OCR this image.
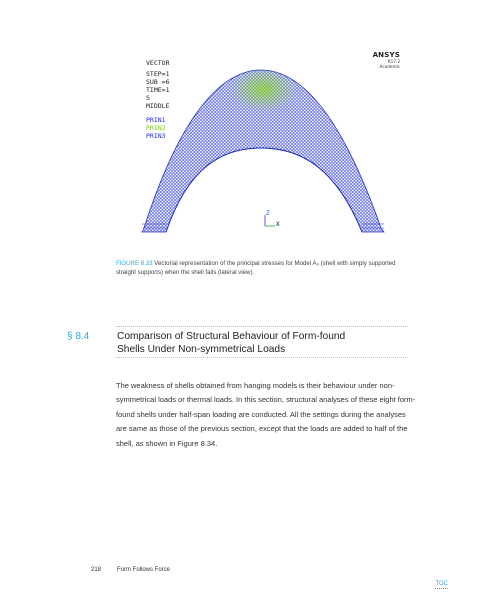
VECTOR
STEP=1
SUB =6
TIME=1
S
MIDDLE
PRIN1
PRIN2
PRIN3
ANSYS
R17.2
Academic
Z
X
FIGURE 8.33 Vectorial representation of the principal stresses for Model A₃ (shell with simply supported straight supports) when the shell fails (lateral view).
§ 8.4	Comparison of Structural Behaviour of Form-found Shells Under Non-symmetrical Loads
The weakness of shells obtained from hanging models is their behaviour under non-symmetrical loads or thermal loads. In this section, structural analyses of these eight form-found shells under half-span loading are conducted. All the settings during the analyses are same as those of the previous section, except that the loads are added to half of the shell, as shown in Figure 8.34.
218	Form Follows Force
TOC
